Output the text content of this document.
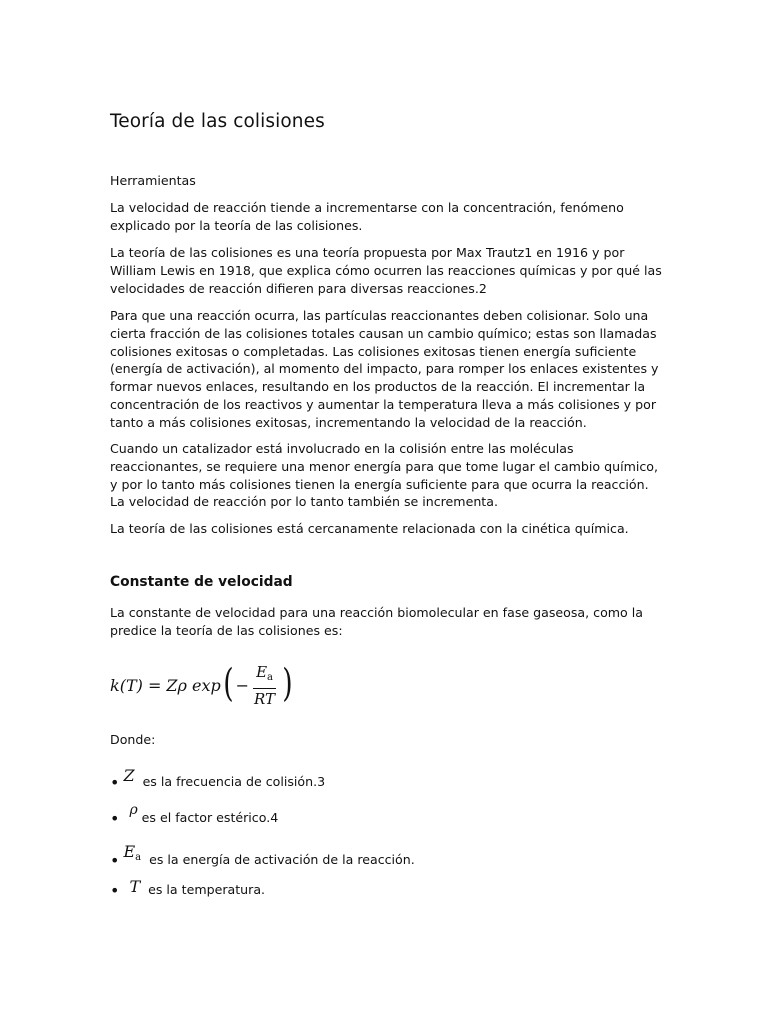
Teoría de las colisiones

Herramientas

La velocidad de reacción tiende a incrementarse con la concentración, fenómeno explicado por la teoría de las colisiones.

La teoría de las colisiones es una teoría propuesta por Max Trautz1 en 1916 y por William Lewis en 1918, que explica cómo ocurren las reacciones químicas y por qué las velocidades de reacción difieren para diversas reacciones.2

Para que una reacción ocurra, las partículas reaccionantes deben colisionar. Solo una cierta fracción de las colisiones totales causan un cambio químico; estas son llamadas colisiones exitosas o completadas. Las colisiones exitosas tienen energía suficiente (energía de activación), al momento del impacto, para romper los enlaces existentes y formar nuevos enlaces, resultando en los productos de la reacción. El incrementar la concentración de los reactivos y aumentar la temperatura lleva a más colisiones y por tanto a más colisiones exitosas, incrementando la velocidad de la reacción.

Cuando un catalizador está involucrado en la colisión entre las moléculas reaccionantes, se requiere una menor energía para que tome lugar el cambio químico, y por lo tanto más colisiones tienen la energía suficiente para que ocurra la reacción. La velocidad de reacción por lo tanto también se incrementa.

La teoría de las colisiones está cercanamente relacionada con la cinética química.

Constante de velocidad

La constante de velocidad para una reacción biomolecular en fase gaseosa, como la predice la teoría de las colisiones es:

k(T) = Zρ exp ( − $\frac{E_a}{RT}$ )

Donde:

• Z es la frecuencia de colisión.3
• ρ es el factor estérico.4
• $E_a$ es la energía de activación de la reacción.
• T es la temperatura.
